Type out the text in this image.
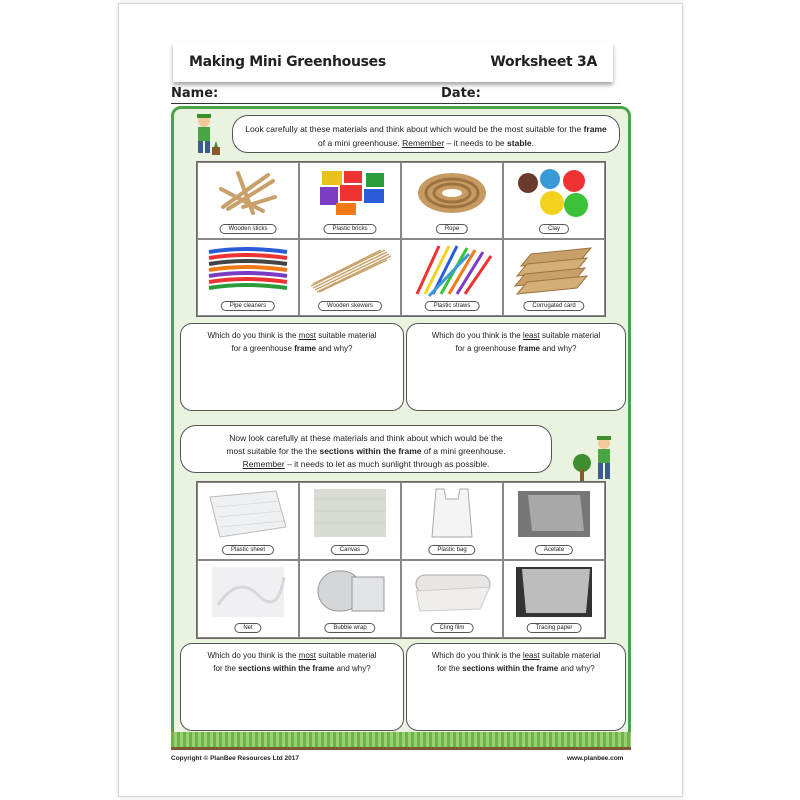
Making Mini Greenhouses	Worksheet 3A
Name:	Date:
Look carefully at these materials and think about which would be the most suitable for the frame of a mini greenhouse. Remember – it needs to be stable.
Wooden sticks	Plastic bricks	Rope	Clay
Pipe cleaners	Wooden skewers	Plastic straws	Corrugated card
Which do you think is the most suitable material
for a greenhouse frame and why?
Which do you think is the least suitable material
for a greenhouse frame and why?
Now look carefully at these materials and think about which would be the
most suitable for the the sections within the frame of a mini greenhouse.
Remember – it needs to let as much sunlight through as possible.
Plastic sheet	Canvas	Plastic bag	Acetate
Net	Bubble wrap	Cling film	Tracing paper
Which do you think is the most suitable material
for the sections within the frame and why?
Which do you think is the least suitable material
for the sections within the frame and why?
Copyright © PlanBee Resources Ltd 2017	www.planbee.com
